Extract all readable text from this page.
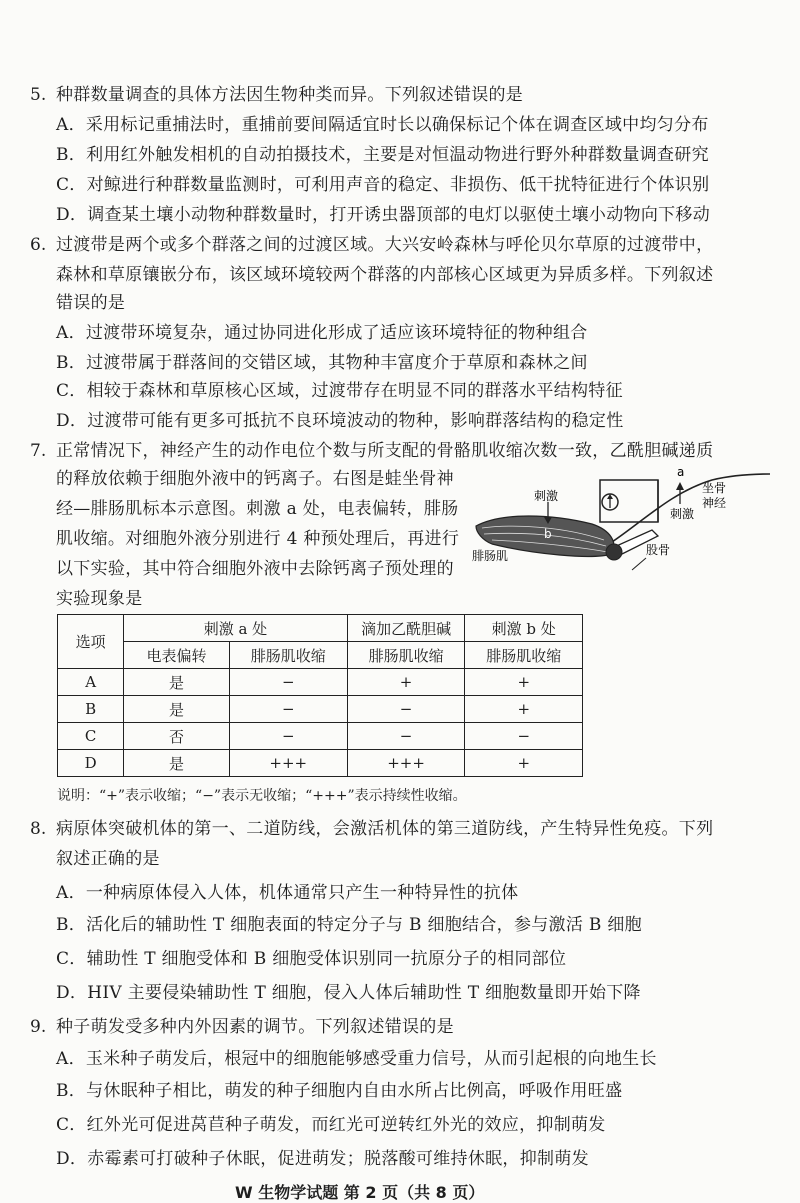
5. 种群数量调查的具体方法因生物种类而异。下列叙述错误的是
A．采用标记重捕法时，重捕前要间隔适宜时长以确保标记个体在调查区域中均匀分布
B．利用红外触发相机的自动拍摄技术，主要是对恒温动物进行野外种群数量调查研究
C．对鲸进行种群数量监测时，可利用声音的稳定、非损伤、低干扰特征进行个体识别
D．调查某土壤小动物种群数量时，打开诱虫器顶部的电灯以驱使土壤小动物向下移动
6. 过渡带是两个或多个群落之间的过渡区域。大兴安岭森林与呼伦贝尔草原的过渡带中，
森林和草原镶嵌分布，该区域环境较两个群落的内部核心区域更为异质多样。下列叙述
错误的是
A．过渡带环境复杂，通过协同进化形成了适应该环境特征的物种组合
B．过渡带属于群落间的交错区域，其物种丰富度介于草原和森林之间
C．相较于森林和草原核心区域，过渡带存在明显不同的群落水平结构特征
D．过渡带可能有更多可抵抗不良环境波动的物种，影响群落结构的稳定性
7. 正常情况下，神经产生的动作电位个数与所支配的骨骼肌收缩次数一致，乙酰胆碱递质
的释放依赖于细胞外液中的钙离子。右图是蛙坐骨神
经—腓肠肌标本示意图。刺激 a 处，电表偏转，腓肠
肌收缩。对细胞外液分别进行 4 种预处理后，再进行
以下实验，其中符合细胞外液中去除钙离子预处理的
实验现象是
刺激
b
刺激
a
坐骨
神经
腓肠肌	股骨
选项	刺激 a 处		滴加乙酰胆碱	刺激 b 处
	电表偏转	腓肠肌收缩	腓肠肌收缩	腓肠肌收缩
A	是	−	+	+
B	是	−	−	+
C	否	−	−	−
D	是	+++	+++	+
说明：“+”表示收缩；“−”表示无收缩；“+++”表示持续性收缩。
8. 病原体突破机体的第一、二道防线，会激活机体的第三道防线，产生特异性免疫。下列
叙述正确的是
A．一种病原体侵入人体，机体通常只产生一种特异性的抗体
B．活化后的辅助性 T 细胞表面的特定分子与 B 细胞结合，参与激活 B 细胞
C．辅助性 T 细胞受体和 B 细胞受体识别同一抗原分子的相同部位
D．HIV 主要侵染辅助性 T 细胞，侵入人体后辅助性 T 细胞数量即开始下降
9. 种子萌发受多种内外因素的调节。下列叙述错误的是
A．玉米种子萌发后，根冠中的细胞能够感受重力信号，从而引起根的向地生长
B．与休眠种子相比，萌发的种子细胞内自由水所占比例高，呼吸作用旺盛
C．红外光可促进莴苣种子萌发，而红光可逆转红外光的效应，抑制萌发
D．赤霉素可打破种子休眠，促进萌发；脱落酸可维持休眠，抑制萌发
W 生物学试题 第 2 页（共 8 页）
